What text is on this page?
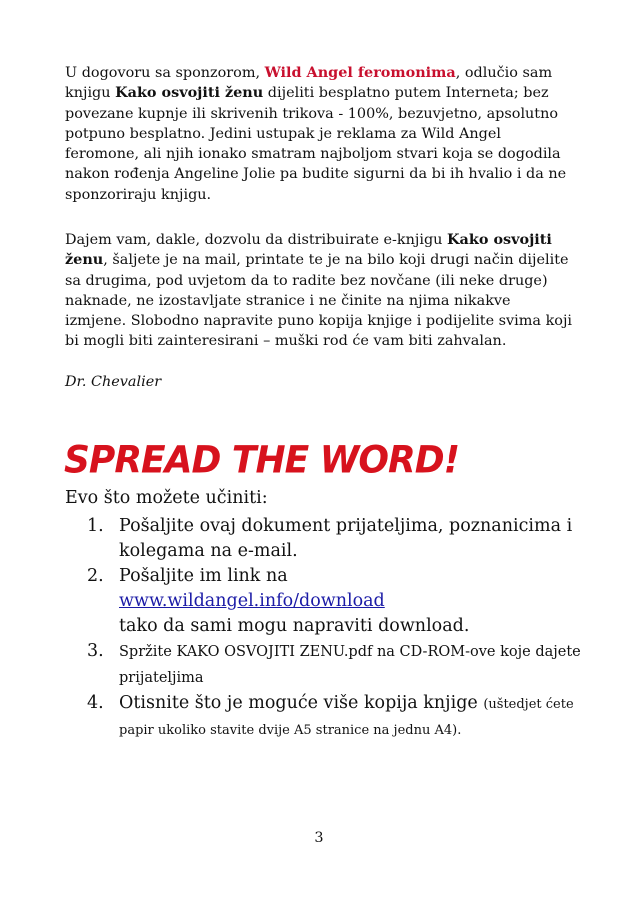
U dogovoru sa sponzorom, Wild Angel feromonima, odlučio sam knjigu Kako osvojiti ženu dijeliti besplatno putem Interneta; bez povezane kupnje ili skrivenih trikova - 100%, bezuvjetno, apsolutno potpuno besplatno. Jedini ustupak je reklama za Wild Angel feromone, ali njih ionako smatram najboljom stvari koja se dogodila nakon rođenja Angeline Jolie pa budite sigurni da bi ih hvalio i da ne sponzoriraju knjigu.

Dajem vam, dakle, dozvolu da distribuirate e-knjigu Kako osvojiti ženu, šaljete je na mail, printate te je na bilo koji drugi način dijelite sa drugima, pod uvjetom da to radite bez novčane (ili neke druge) naknade, ne izostavljate stranice i ne činite na njima nikakve izmjene. Slobodno napravite puno kopija knjige i podijelite svima koji bi mogli biti zainteresirani – muški rod će vam biti zahvalan.

Dr. Chevalier

SPREAD THE WORD!

Evo što možete učiniti:

1. Pošaljite ovaj dokument prijateljima, poznanicima i kolegama na e-mail.
2. Pošaljite im link na
www.wildangel.info/download
tako da sami mogu napraviti download.
3. Spržite KAKO OSVOJITI ZENU.pdf na CD-ROM-ove koje dajete prijateljima
4. Otisnite što je moguće više kopija knjige (uštedjet ćete papir ukoliko stavite dvije A5 stranice na jednu A4).

3
